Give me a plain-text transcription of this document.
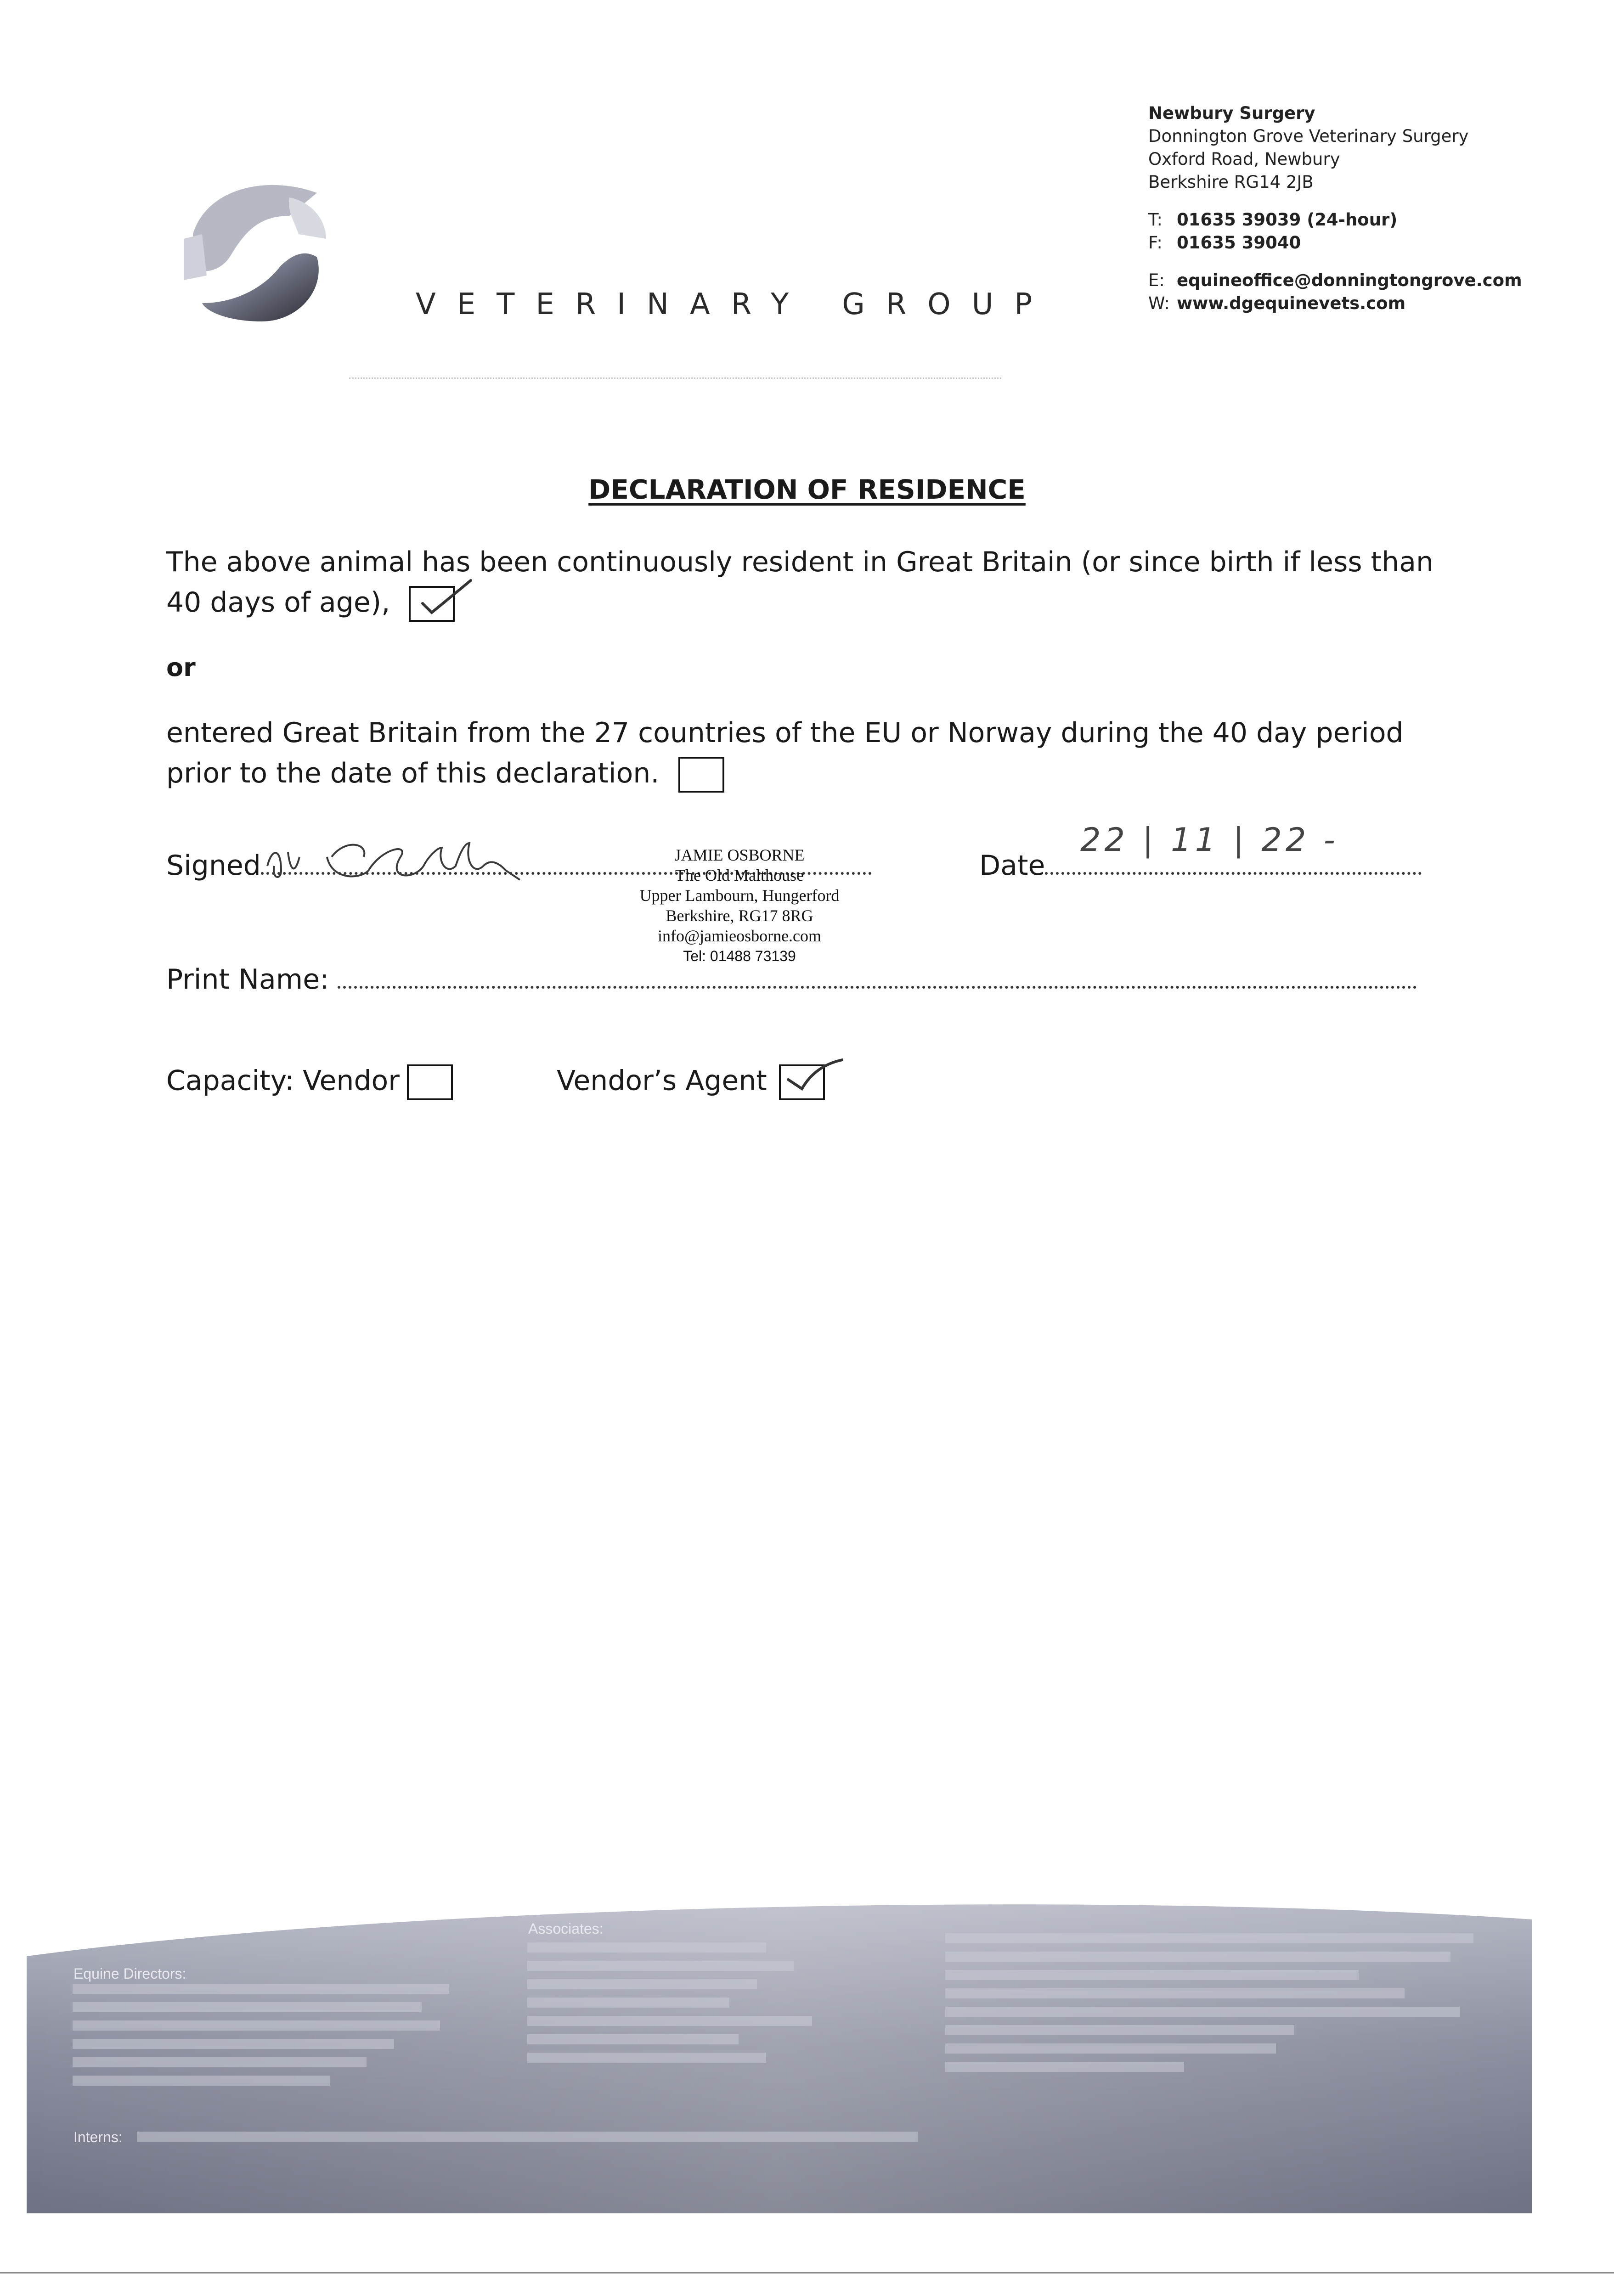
VETERINARY GROUP
Newbury Surgery
Donnington Grove Veterinary Surgery
Oxford Road, Newbury
Berkshire RG14 2JB
T: 01635 39039 (24-hour)
F: 01635 39040
E: equineoffice@donningtongrove.com
W: www.dgequinevets.com
DECLARATION OF RESIDENCE
The above animal has been continuously resident in Great Britain (or since birth if less than 40 days of age),
or
entered Great Britain from the 27 countries of the EU or Norway during the 40 day period prior to the date of this declaration.
Signed	Date
22 | 11 | 22 -
JAMIE OSBORNE
The Old Malthouse
Upper Lambourn, Hungerford
Berkshire, RG17 8RG
info@jamieosborne.com
Tel: 01488 73139
Print Name:
Capacity: Vendor	Vendor’s Agent
Equine Directors:
Associates:
Interns:
